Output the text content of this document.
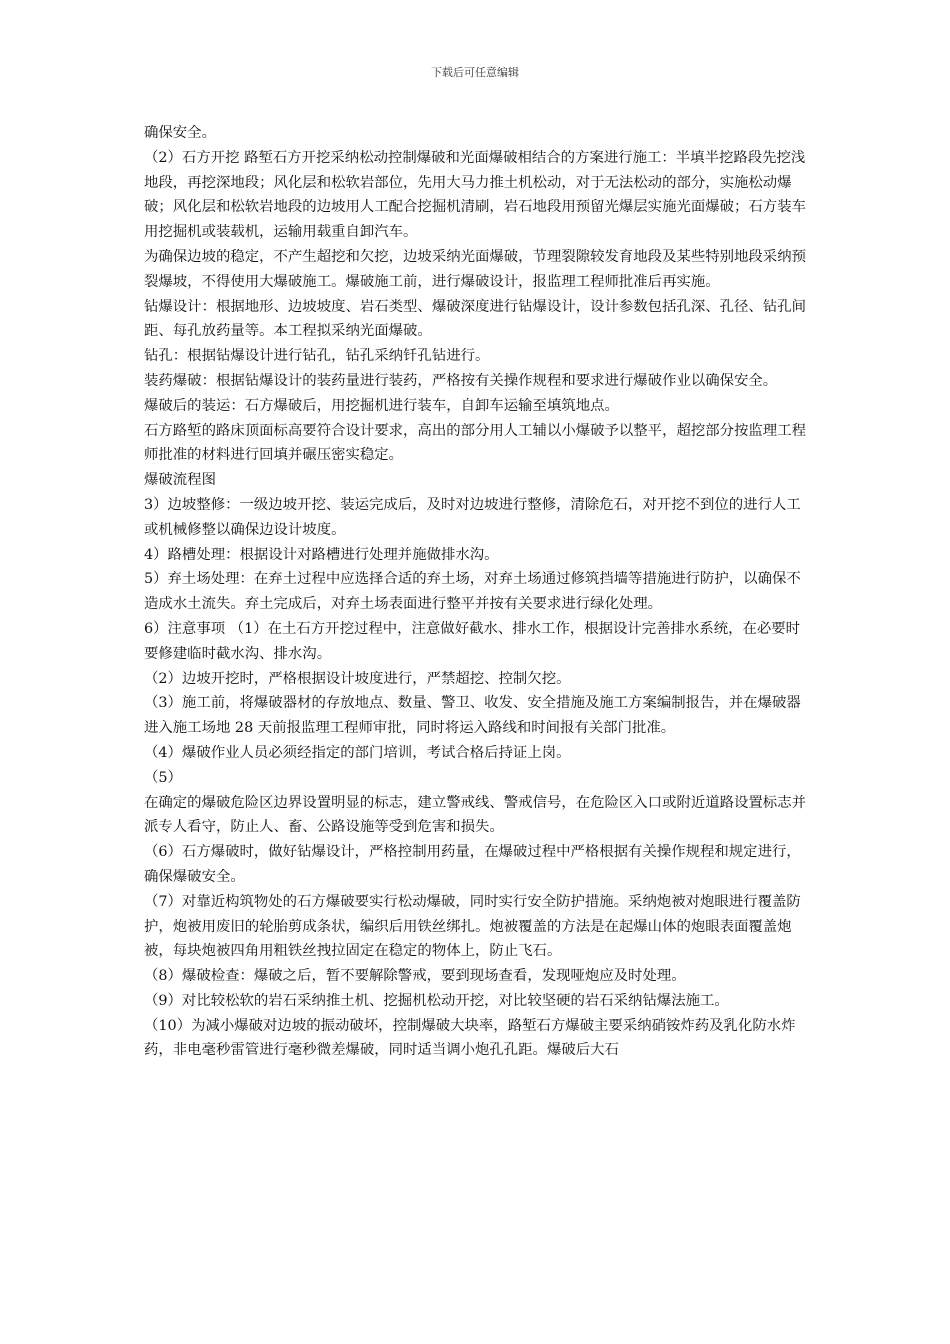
下载后可任意编辑

确保安全。

（2）石方开挖 路堑石方开挖采纳松动控制爆破和光面爆破相结合的方案进行施工：半填半挖路段先挖浅地段，再挖深地段；风化层和松软岩部位，先用大马力推土机松动，对于无法松动的部分，实施松动爆破；风化层和松软岩地段的边坡用人工配合挖掘机清刷，岩石地段用预留光爆层实施光面爆破；石方装车用挖掘机或装载机，运输用载重自卸汽车。

为确保边坡的稳定，不产生超挖和欠挖，边坡采纳光面爆破，节理裂隙较发育地段及某些特别地段采纳预裂爆坡，不得使用大爆破施工。爆破施工前，进行爆破设计，报监理工程师批准后再实施。

钻爆设计：根据地形、边坡坡度、岩石类型、爆破深度进行钻爆设计，设计参数包括孔深、孔径、钻孔间距、每孔放药量等。本工程拟采纳光面爆破。

钻孔：根据钻爆设计进行钻孔，钻孔采纳钎孔钻进行。

装药爆破：根据钻爆设计的装药量进行装药，严格按有关操作规程和要求进行爆破作业以确保安全。

爆破后的装运：石方爆破后，用挖掘机进行装车，自卸车运输至填筑地点。

石方路堑的路床顶面标高要符合设计要求，高出的部分用人工辅以小爆破予以整平，超挖部分按监理工程师批准的材料进行回填并碾压密实稳定。

爆破流程图

3）边坡整修：一级边坡开挖、装运完成后，及时对边坡进行整修，清除危石，对开挖不到位的进行人工或机械修整以确保边设计坡度。

4）路槽处理：根据设计对路槽进行处理并施做排水沟。

5）弃土场处理：在弃土过程中应选择合适的弃土场，对弃土场通过修筑挡墙等措施进行防护，以确保不造成水土流失。弃土完成后，对弃土场表面进行整平并按有关要求进行绿化处理。

6）注意事项 （1）在土石方开挖过程中，注意做好截水、排水工作，根据设计完善排水系统，在必要时要修建临时截水沟、排水沟。

（2）边坡开挖时，严格根据设计坡度进行，严禁超挖、控制欠挖。

（3）施工前，将爆破器材的存放地点、数量、警卫、收发、安全措施及施工方案编制报告，并在爆破器进入施工场地 28 天前报监理工程师审批，同时将运入路线和时间报有关部门批准。

（4）爆破作业人员必须经指定的部门培训，考试合格后持证上岗。

（5）

在确定的爆破危险区边界设置明显的标志，建立警戒线、警戒信号，在危险区入口或附近道路设置标志并派专人看守，防止人、畜、公路设施等受到危害和损失。

（6）石方爆破时，做好钻爆设计，严格控制用药量，在爆破过程中严格根据有关操作规程和规定进行，确保爆破安全。

（7）对靠近构筑物处的石方爆破要实行松动爆破，同时实行安全防护措施。采纳炮被对炮眼进行覆盖防护，炮被用废旧的轮胎剪成条状，编织后用铁丝绑扎。炮被覆盖的方法是在起爆山体的炮眼表面覆盖炮被，每块炮被四角用粗铁丝拽拉固定在稳定的物体上，防止飞石。

（8）爆破检查：爆破之后，暂不要解除警戒，要到现场查看，发现哑炮应及时处理。

（9）对比较松软的岩石采纳推土机、挖掘机松动开挖，对比较坚硬的岩石采纳钻爆法施工。

（10）为减小爆破对边坡的振动破坏，控制爆破大块率，路堑石方爆破主要采纳硝铵炸药及乳化防水炸药，非电毫秒雷管进行毫秒微差爆破，同时适当调小炮孔孔距。爆破后大石
